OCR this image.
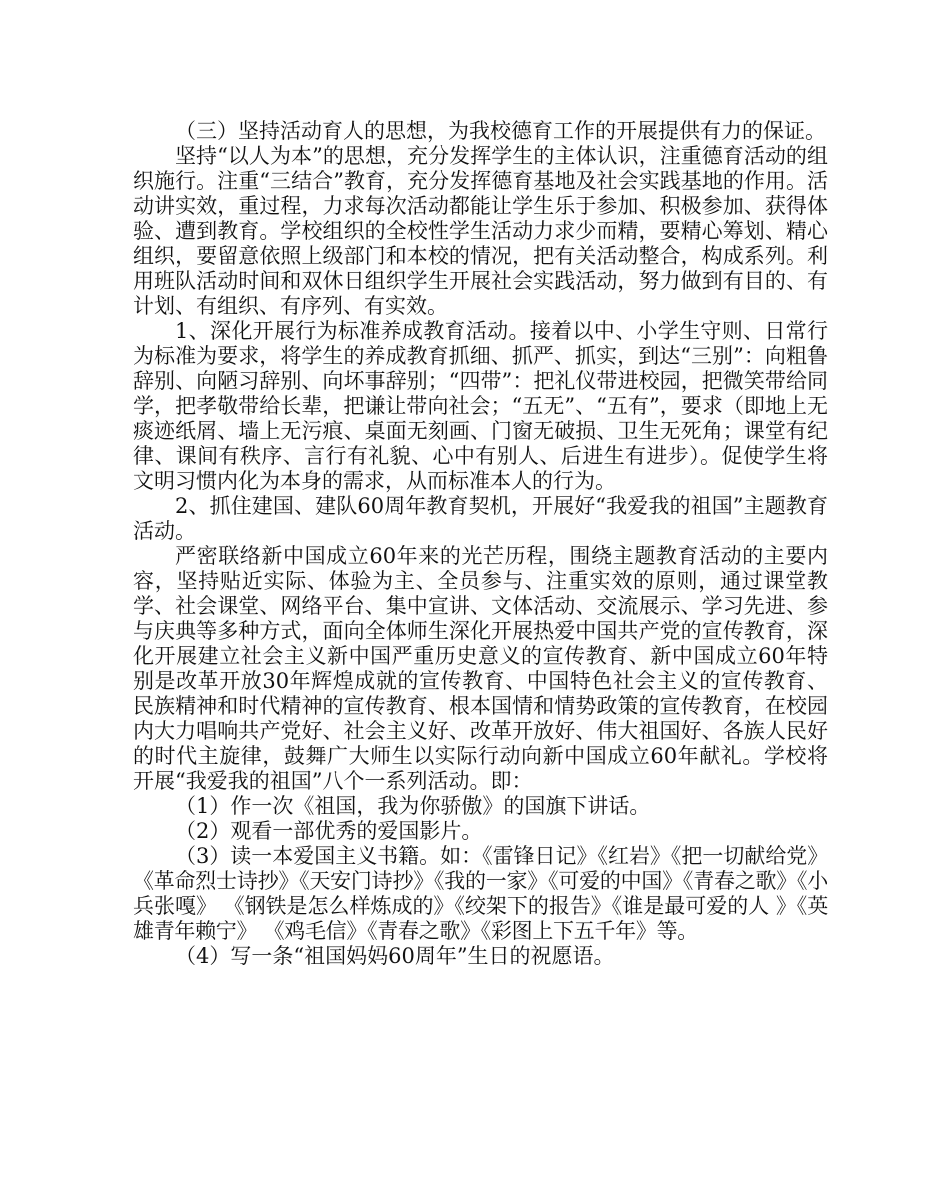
（三）坚持活动育人的思想，为我校德育工作的开展提供有力的保证。

坚持“以人为本”的思想，充分发挥学生的主体认识，注重德育活动的组织施行。注重“三结合”教育，充分发挥德育基地及社会实践基地的作用。活动讲实效，重过程，力求每次活动都能让学生乐于参加、积极参加、获得体验、遭到教育。学校组织的全校性学生活动力求少而精，要精心筹划、精心组织，要留意依照上级部门和本校的情况，把有关活动整合，构成系列。利用班队活动时间和双休日组织学生开展社会实践活动，努力做到有目的、有计划、有组织、有序列、有实效。

1、深化开展行为标准养成教育活动。接着以中、小学生守则、日常行为标准为要求，将学生的养成教育抓细、抓严、抓实，到达“三别”：向粗鲁辞别、向陋习辞别、向坏事辞别；“四带”：把礼仪带进校园，把微笑带给同学，把孝敬带给长辈，把谦让带向社会；“五无”、“五有”，要求（即地上无痰迹纸屑、墙上无污痕、桌面无刻画、门窗无破损、卫生无死角；课堂有纪律、课间有秩序、言行有礼貌、心中有别人、后进生有进步）。促使学生将文明习惯内化为本身的需求，从而标准本人的行为。

2、抓住建国、建队60周年教育契机，开展好“我爱我的祖国”主题教育活动。

严密联络新中国成立60年来的光芒历程，围绕主题教育活动的主要内容，坚持贴近实际、体验为主、全员参与、注重实效的原则，通过课堂教学、社会课堂、网络平台、集中宣讲、文体活动、交流展示、学习先进、参与庆典等多种方式，面向全体师生深化开展热爱中国共产党的宣传教育，深化开展建立社会主义新中国严重历史意义的宣传教育、新中国成立60年特别是改革开放30年辉煌成就的宣传教育、中国特色社会主义的宣传教育、民族精神和时代精神的宣传教育、根本国情和情势政策的宣传教育，在校园内大力唱响共产党好、社会主义好、改革开放好、伟大祖国好、各族人民好的时代主旋律，鼓舞广大师生以实际行动向新中国成立60年献礼。学校将开展“我爱我的祖国”八个一系列活动。即：

（1）作一次《祖国，我为你骄傲》的国旗下讲话。

（2）观看一部优秀的爱国影片。

（3）读一本爱国主义书籍。如：《雷锋日记》《红岩》《把一切献给党》《革命烈士诗抄》《天安门诗抄》《我的一家》《可爱的中国》《青春之歌》《小兵张嘎》 《钢铁是怎么样炼成的》《绞架下的报告》《谁是最可爱的人 》《英雄青年赖宁》 《鸡毛信》《青春之歌》《彩图上下五千年》等。

（4）写一条“祖国妈妈60周年”生日的祝愿语。
